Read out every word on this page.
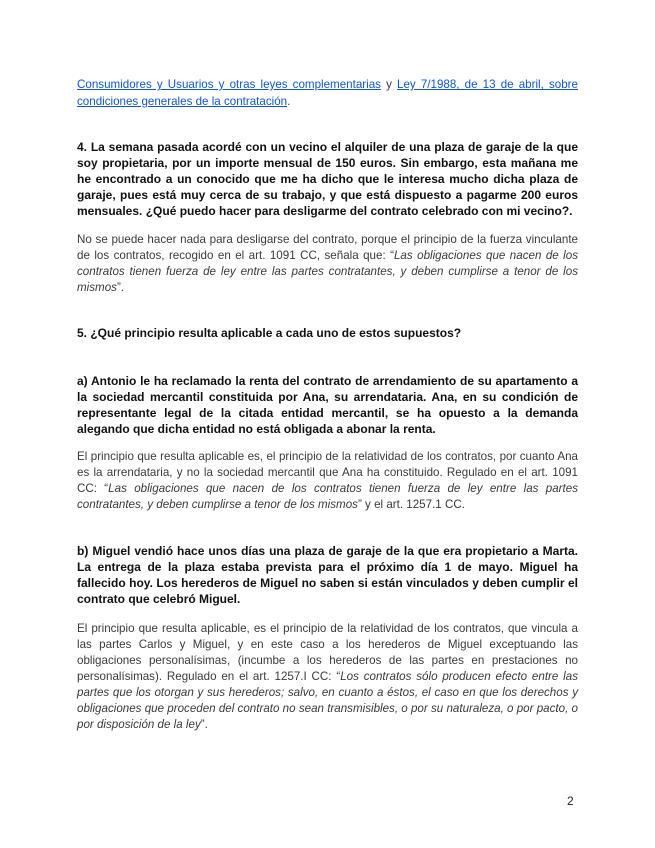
Consumidores y Usuarios y otras leyes complementarias y Ley 7/1988, de 13 de abril, sobre condiciones generales de la contratación.

4. La semana pasada acordé con un vecino el alquiler de una plaza de garaje de la que soy propietaria, por un importe mensual de 150 euros. Sin embargo, esta mañana me he encontrado a un conocido que me ha dicho que le interesa mucho dicha plaza de garaje, pues está muy cerca de su trabajo, y que está dispuesto a pagarme 200 euros mensuales. ¿Qué puedo hacer para desligarme del contrato celebrado con mi vecino?.

No se puede hacer nada para desligarse del contrato, porque el principio de la fuerza vinculante de los contratos, recogido en el art. 1091 CC, señala que: “Las obligaciones que nacen de los contratos tienen fuerza de ley entre las partes contratantes, y deben cumplirse a tenor de los mismos”.

5. ¿Qué principio resulta aplicable a cada uno de estos supuestos?

a) Antonio le ha reclamado la renta del contrato de arrendamiento de su apartamento a la sociedad mercantil constituida por Ana, su arrendataria. Ana, en su condición de representante legal de la citada entidad mercantil, se ha opuesto a la demanda alegando que dicha entidad no está obligada a abonar la renta.

El principio que resulta aplicable es, el principio de la relatividad de los contratos, por cuanto Ana es la arrendataria, y no la sociedad mercantil que Ana ha constituido. Regulado en el art. 1091 CC: “Las obligaciones que nacen de los contratos tienen fuerza de ley entre las partes contratantes, y deben cumplirse a tenor de los mismos” y el art. 1257.1 CC.

b) Miguel vendió hace unos días una plaza de garaje de la que era propietario a Marta. La entrega de la plaza estaba prevista para el próximo día 1 de mayo. Miguel ha fallecido hoy. Los herederos de Miguel no saben si están vinculados y deben cumplir el contrato que celebró Miguel.

El principio que resulta aplicable, es el principio de la relatividad de los contratos, que vincula a las partes Carlos y Miguel, y en este caso a los herederos de Miguel exceptuando las obligaciones personalísimas, (incumbe a los herederos de las partes en prestaciones no personalísimas). Regulado en el art. 1257.I CC: “Los contratos sólo producen efecto entre las partes que los otorgan y sus herederos; salvo, en cuanto a éstos, el caso en que los derechos y obligaciones que proceden del contrato no sean transmisibles, o por su naturaleza, o por pacto, o por disposición de la ley”.

2
